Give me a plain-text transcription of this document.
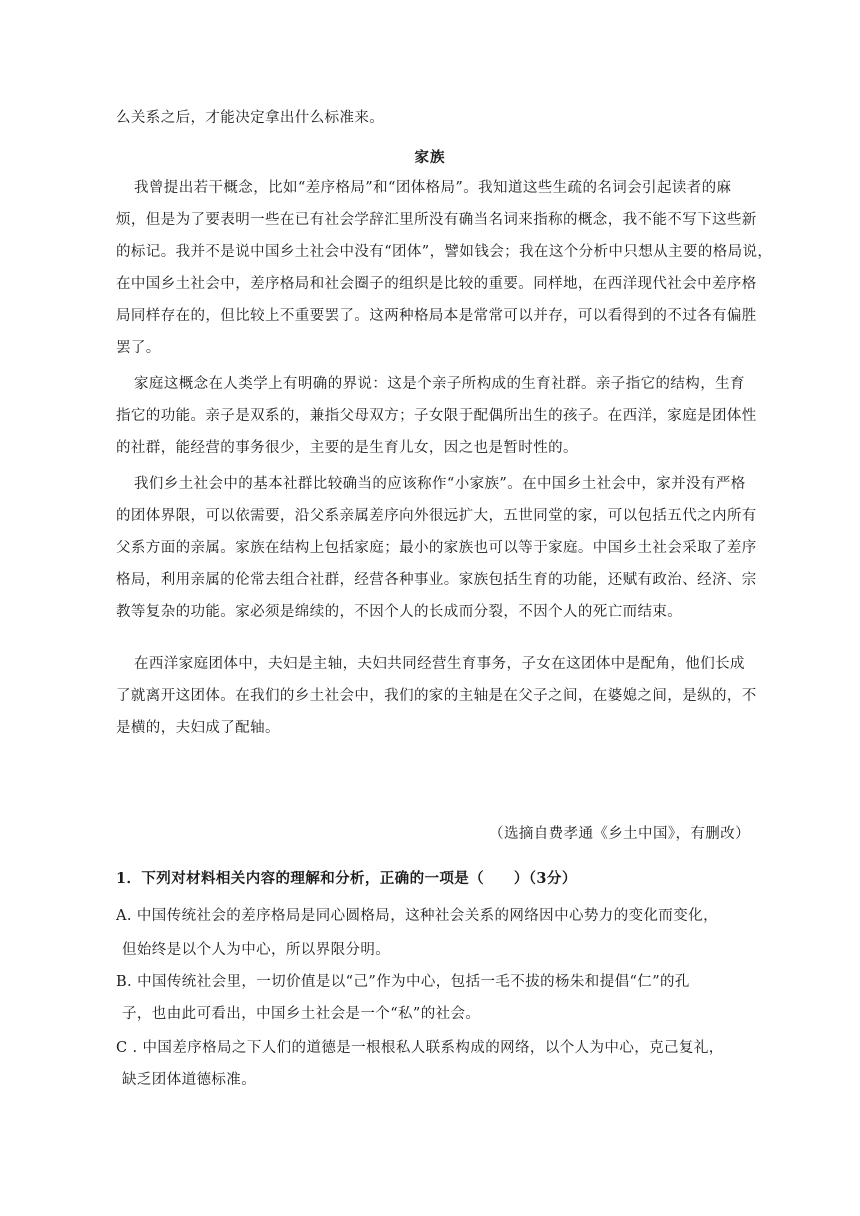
么关系之后，才能决定拿出什么标准来。
家族
我曾提出若干概念，比如“差序格局”和“团体格局”。我知道这些生疏的名词会引起读者的麻
烦，但是为了要表明一些在已有社会学辞汇里所没有确当名词来指称的概念，我不能不写下这些新
的标记。我并不是说中国乡土社会中没有“团体”，譬如钱会；我在这个分析中只想从主要的格局说，
在中国乡土社会中，差序格局和社会圈子的组织是比较的重要。同样地，在西洋现代社会中差序格
局同样存在的，但比较上不重要罢了。这两种格局本是常常可以并存，可以看得到的不过各有偏胜
罢了。
家庭这概念在人类学上有明确的界说：这是个亲子所构成的生育社群。亲子指它的结构，生育
指它的功能。亲子是双系的，兼指父母双方；子女限于配偶所出生的孩子。在西洋，家庭是团体性
的社群，能经营的事务很少，主要的是生育儿女，因之也是暂时性的。
我们乡土社会中的基本社群比较确当的应该称作“小家族”。在中国乡土社会中，家并没有严格
的团体界限，可以依需要，沿父系亲属差序向外很远扩大，五世同堂的家，可以包括五代之内所有
父系方面的亲属。家族在结构上包括家庭；最小的家族也可以等于家庭。中国乡土社会采取了差序
格局，利用亲属的伦常去组合社群，经营各种事业。家族包括生育的功能，还赋有政治、经济、宗
教等复杂的功能。家必须是绵续的，不因个人的长成而分裂，不因个人的死亡而结束。
在西洋家庭团体中，夫妇是主轴，夫妇共同经营生育事务，子女在这团体中是配角，他们长成
了就离开这团体。在我们的乡土社会中，我们的家的主轴是在父子之间，在婆媳之间，是纵的，不
是横的，夫妇成了配轴。
（选摘自费孝通《乡土中国》，有删改）
1．下列对材料相关内容的理解和分析，正确的一项是（　　）（3分）
A. 中国传统社会的差序格局是同心圆格局，这种社会关系的网络因中心势力的变化而变化，
但始终是以个人为中心，所以界限分明。
B. 中国传统社会里，一切价值是以“己”作为中心，包括一毛不拔的杨朱和提倡“仁”的孔
子，也由此可看出，中国乡土社会是一个“私”的社会。
C . 中国差序格局之下人们的道德是一根根私人联系构成的网络，以个人为中心，克己复礼，
缺乏团体道德标准。
